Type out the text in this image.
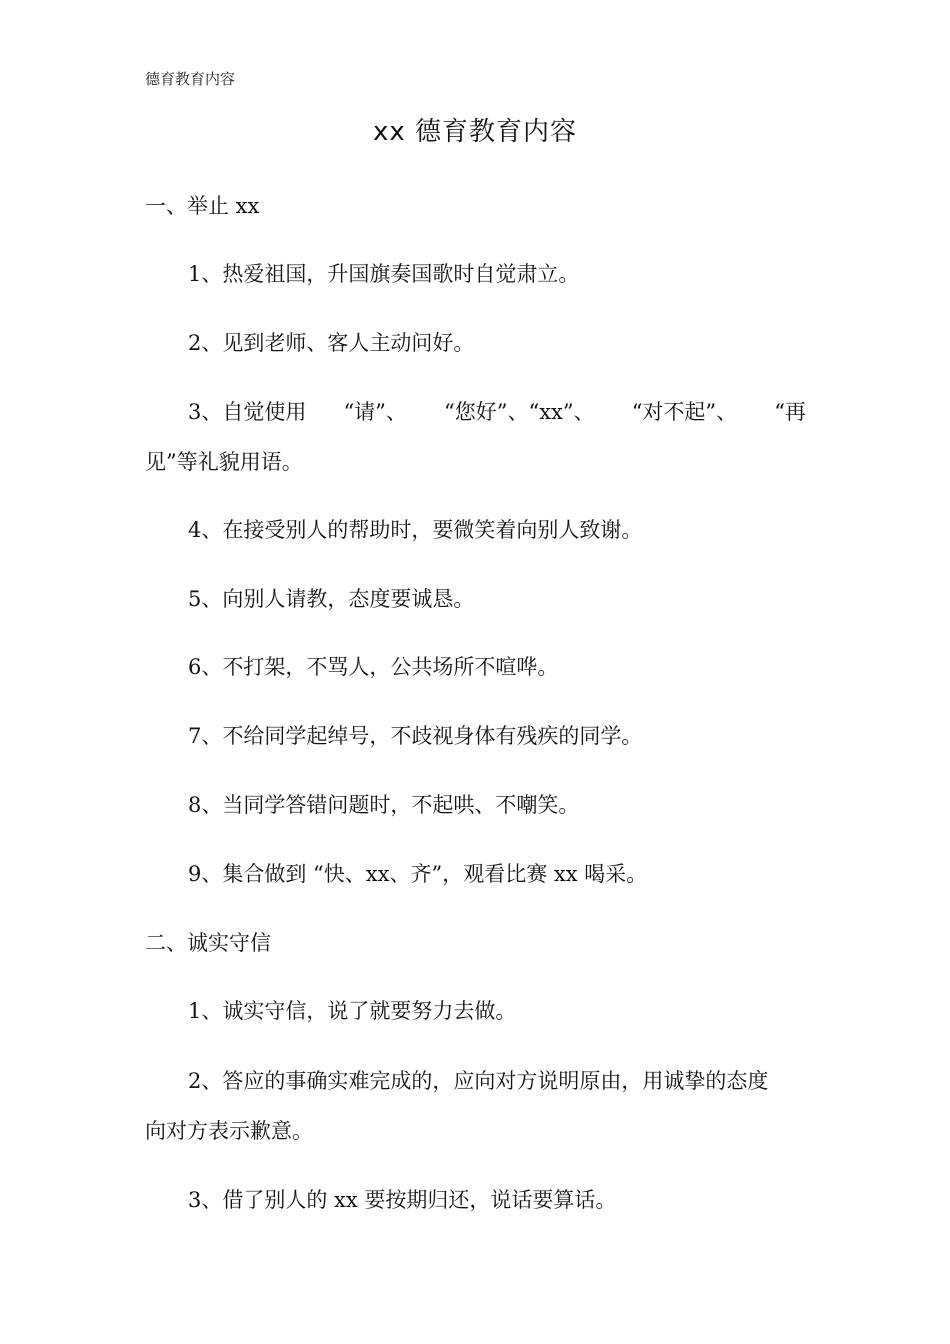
德育教育内容
xx 德育教育内容
一、举止 xx
1、热爱祖国，升国旗奏国歌时自觉肃立。
2、见到老师、客人主动问好。
3、自觉使用 “请”、 “您好”、“xx”、 “对不起”、 “再
见”等礼貌用语。
4、在接受别人的帮助时，要微笑着向别人致谢。
5、向别人请教，态度要诚恳。
6、不打架，不骂人，公共场所不喧哗。
7、不给同学起绰号，不歧视身体有残疾的同学。
8、当同学答错问题时，不起哄、不嘲笑。
9、集合做到 “快、xx、齐”，观看比赛 xx 喝采。
二、诚实守信
1、诚实守信，说了就要努力去做。
2、答应的事确实难完成的，应向对方说明原由，用诚挚的态度
向对方表示歉意。
3、借了别人的 xx 要按期归还，说话要算话。
